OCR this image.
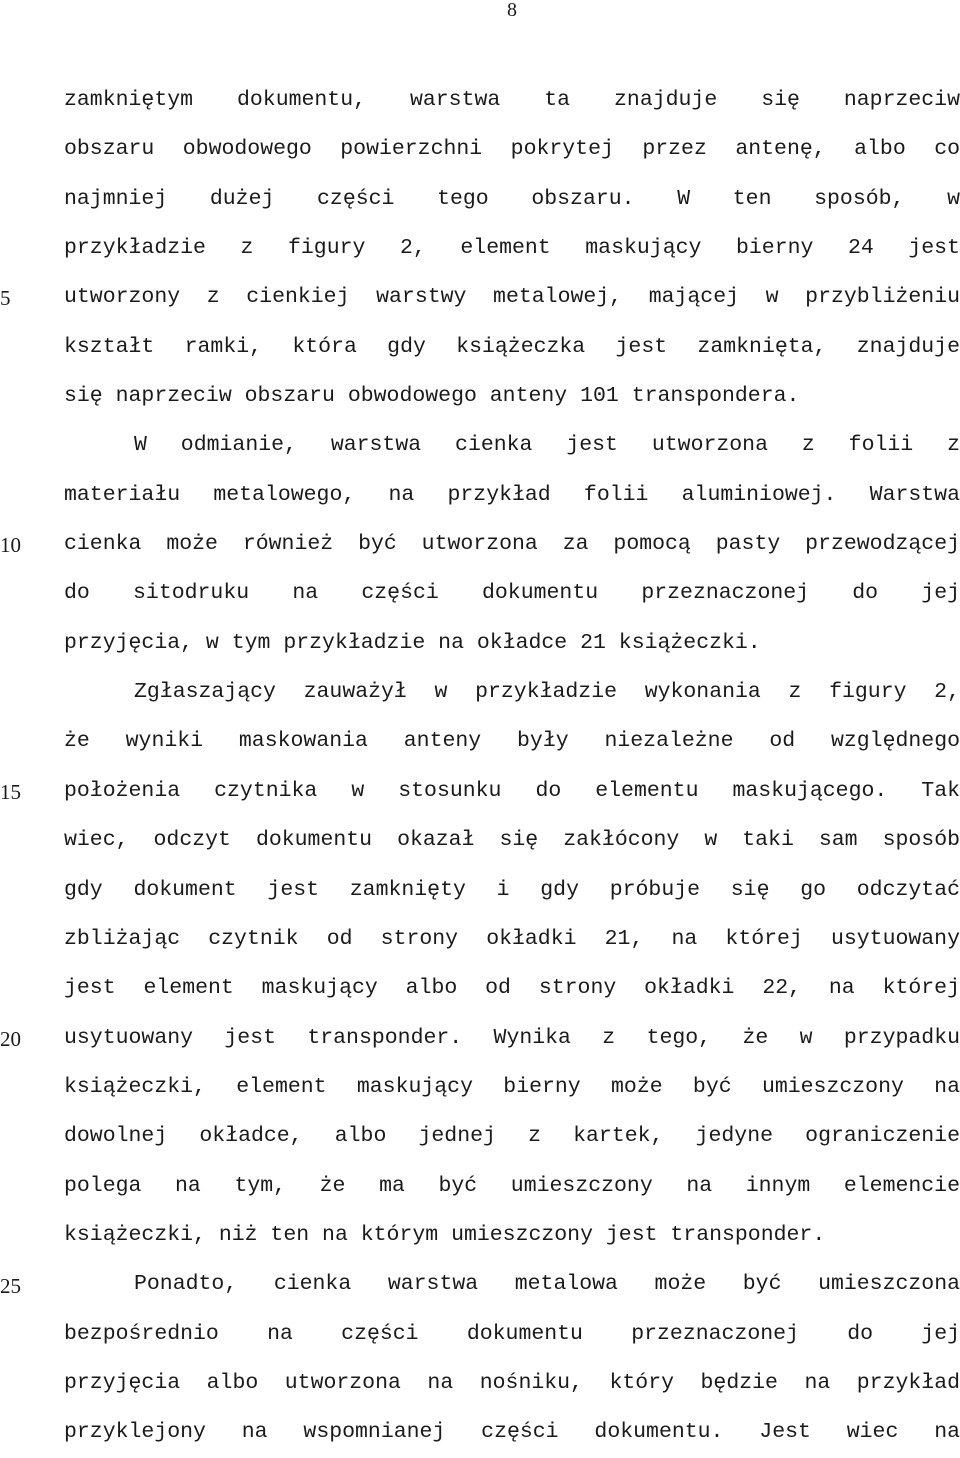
8
5
10
15
20
25
zamkniętym dokumentu, warstwa ta znajduje się naprzeciw
obszaru obwodowego powierzchni pokrytej przez antenę, albo co
najmniej dużej części tego obszaru. W ten sposób, w
przykładzie z figury 2, element maskujący bierny 24 jest
utworzony z cienkiej warstwy metalowej, mającej w przybliżeniu
kształt ramki, która gdy książeczka jest zamknięta, znajduje
się naprzeciw obszaru obwodowego anteny 101 transpondera.
W odmianie, warstwa cienka jest utworzona z folii z
materiału metalowego, na przykład folii aluminiowej. Warstwa
cienka może również być utworzona za pomocą pasty przewodzącej
do sitodruku na części dokumentu przeznaczonej do jej
przyjęcia, w tym przykładzie na okładce 21 książeczki.
Zgłaszający zauważył w przykładzie wykonania z figury 2,
że wyniki maskowania anteny były niezależne od względnego
położenia czytnika w stosunku do elementu maskującego. Tak
wiec, odczyt dokumentu okazał się zakłócony w taki sam sposób
gdy dokument jest zamknięty i gdy próbuje się go odczytać
zbliżając czytnik od strony okładki 21, na której usytuowany
jest element maskujący albo od strony okładki 22, na której
usytuowany jest transponder. Wynika z tego, że w przypadku
książeczki, element maskujący bierny może być umieszczony na
dowolnej okładce, albo jednej z kartek, jedyne ograniczenie
polega na tym, że ma być umieszczony na innym elemencie
książeczki, niż ten na którym umieszczony jest transponder.
Ponadto, cienka warstwa metalowa może być umieszczona
bezpośrednio na części dokumentu przeznaczonej do jej
przyjęcia albo utworzona na nośniku, który będzie na przykład
przyklejony na wspomnianej części dokumentu. Jest wiec na
